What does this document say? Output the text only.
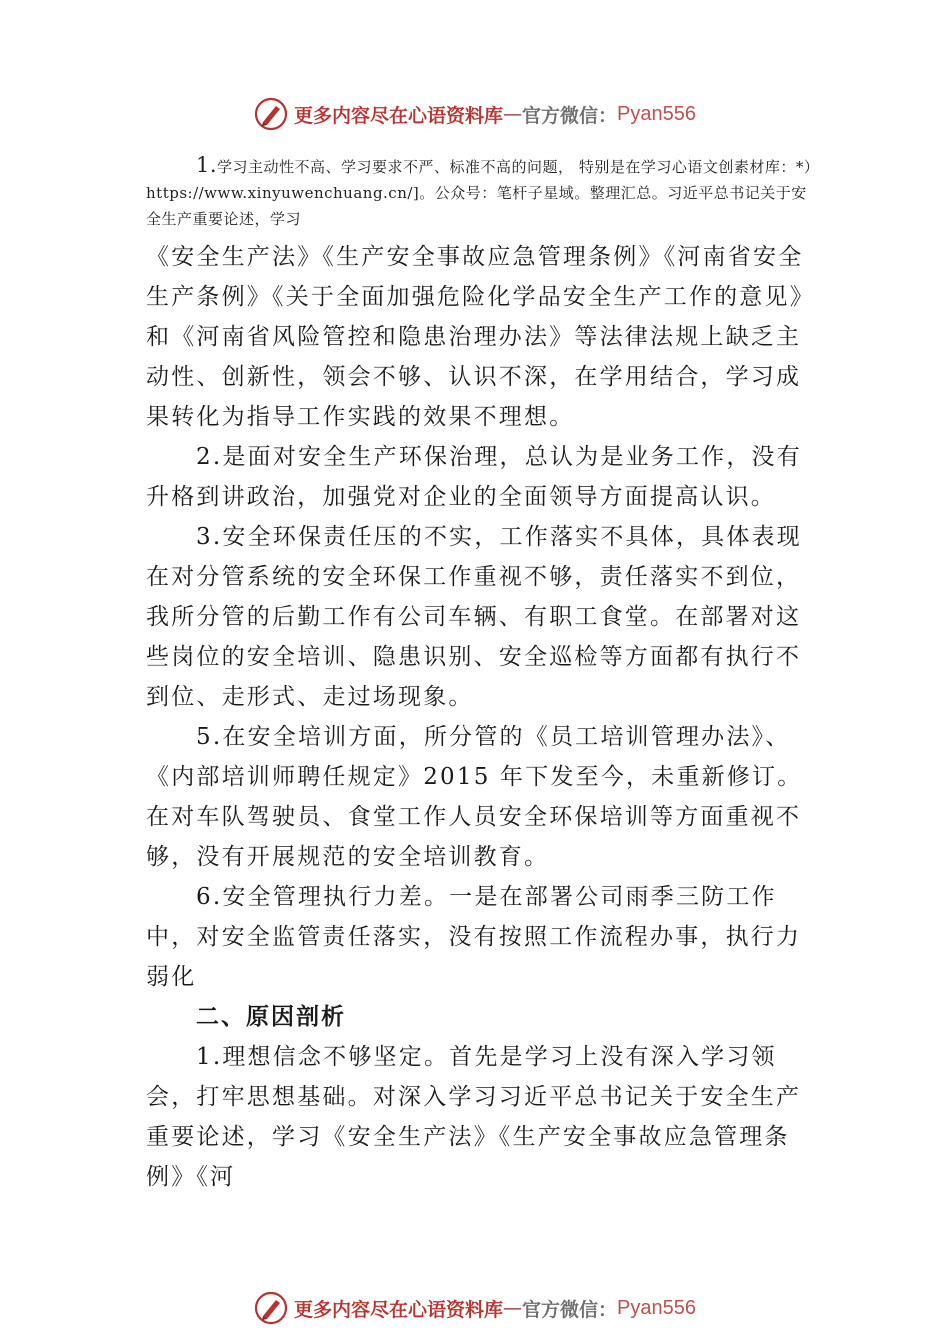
更多内容尽在心语资料库 — 官方微信： Pyan556
1.学习主动性不高、学习要求不严、标准不高的问题， 特别是在学习心语文创素材库：*）https://www.xinyuwenchuang.cn/]。公众号：笔杆子星域。整理汇总。习近平总书记关于安全生产重要论述，学习

《安全生产法》《生产安全事故应急管理条例》《河南省安全生产条例》《关于全面加强危险化学品安全生产工作的意见》和《河南省风险管控和隐患治理办法》等法律法规上缺乏主动性、创新性，领会不够、认识不深，在学用结合，学习成果转化为指导工作实践的效果不理想。

2.是面对安全生产环保治理，总认为是业务工作，没有升格到讲政治，加强党对企业的全面领导方面提高认识。

3.安全环保责任压的不实，工作落实不具体，具体表现在对分管系统的安全环保工作重视不够，责任落实不到位， 我所分管的后勤工作有公司车辆、有职工食堂。在部署对这些岗位的安全培训、隐患识别、安全巡检等方面都有执行不到位、走形式、走过场现象。

5.在安全培训方面，所分管的《员工培训管理办法》、《内部培训师聘任规定》2015 年下发至今，未重新修订。在对车队驾驶员、食堂工作人员安全环保培训等方面重视不够，没有开展规范的安全培训教育。

6.安全管理执行力差。一是在部署公司雨季三防工作中，对安全监管责任落实，没有按照工作流程办事，执行力弱化

二、原因剖析

1.理想信念不够坚定。首先是学习上没有深入学习领会，打牢思想基础。对深入学习习近平总书记关于安全生产重要论述，学习《安全生产法》《生产安全事故应急管理条例》《河

更多内容尽在心语资料库 — 官方微信： Pyan556
